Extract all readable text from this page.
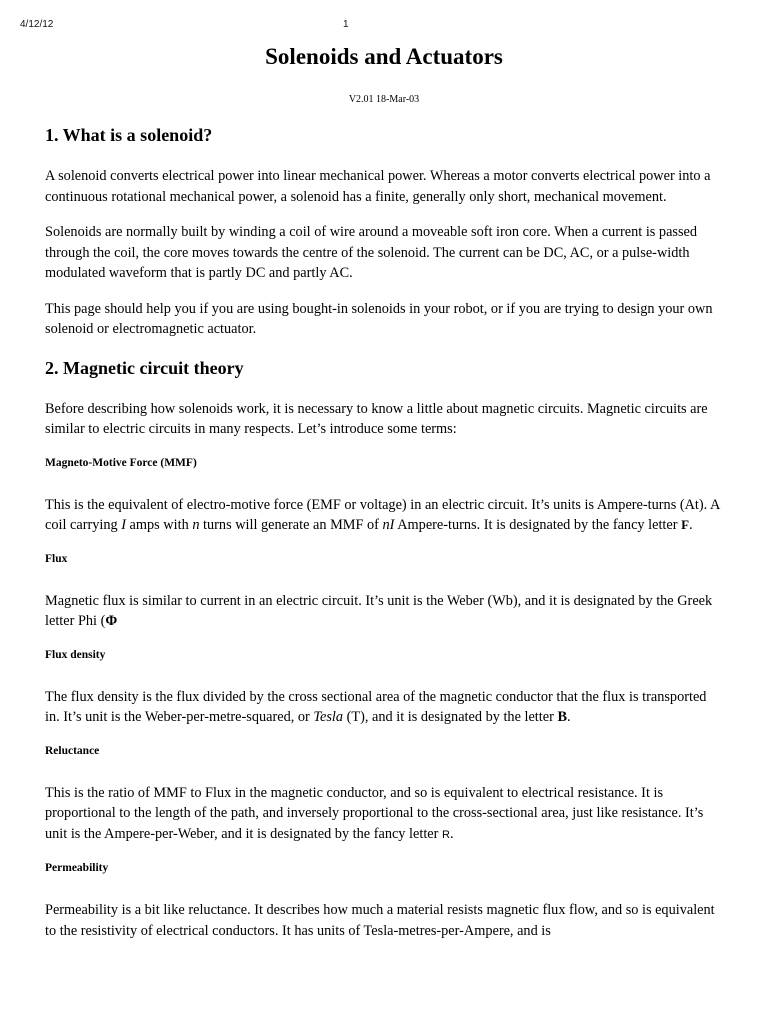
4/12/12	1
Solenoids and Actuators
V2.01 18-Mar-03
1. What is a solenoid?

A solenoid converts electrical power into linear mechanical power. Whereas a motor converts electrical power into a continuous rotational mechanical power, a solenoid has a finite, generally only short, mechanical movement.

Solenoids are normally built by winding a coil of wire around a moveable soft iron core. When a current is passed through the coil, the core moves towards the centre of the solenoid. The current can be DC, AC, or a pulse-width modulated waveform that is partly DC and partly AC.

This page should help you if you are using bought-in solenoids in your robot, or if you are trying to design your own solenoid or electromagnetic actuator.

2. Magnetic circuit theory

Before describing how solenoids work, it is necessary to know a little about magnetic circuits. Magnetic circuits are similar to electric circuits in many respects. Let’s introduce some terms:

Magneto-Motive Force (MMF)

This is the equivalent of electro-motive force (EMF or voltage) in an electric circuit. It’s units is Ampere-turns (At). A coil carrying I amps with n turns will generate an MMF of nI Ampere-turns. It is designated by the fancy letter F.

Flux

Magnetic flux is similar to current in an electric circuit. It’s unit is the Weber (Wb), and it is designated by the Greek letter Phi (Φ

Flux density

The flux density is the flux divided by the cross sectional area of the magnetic conductor that the flux is transported in. It’s unit is the Weber-per-metre-squared, or Tesla (T), and it is designated by the letter B.

Reluctance

This is the ratio of MMF to Flux in the magnetic conductor, and so is equivalent to electrical resistance. It is proportional to the length of the path, and inversely proportional to the cross-sectional area, just like resistance. It’s unit is the Ampere-per-Weber, and it is designated by the fancy letter R.

Permeability

Permeability is a bit like reluctance. It describes how much a material resists magnetic flux flow, and so is equivalent to the resistivity of electrical conductors. It has units of Tesla-metres-per-Ampere, and is
